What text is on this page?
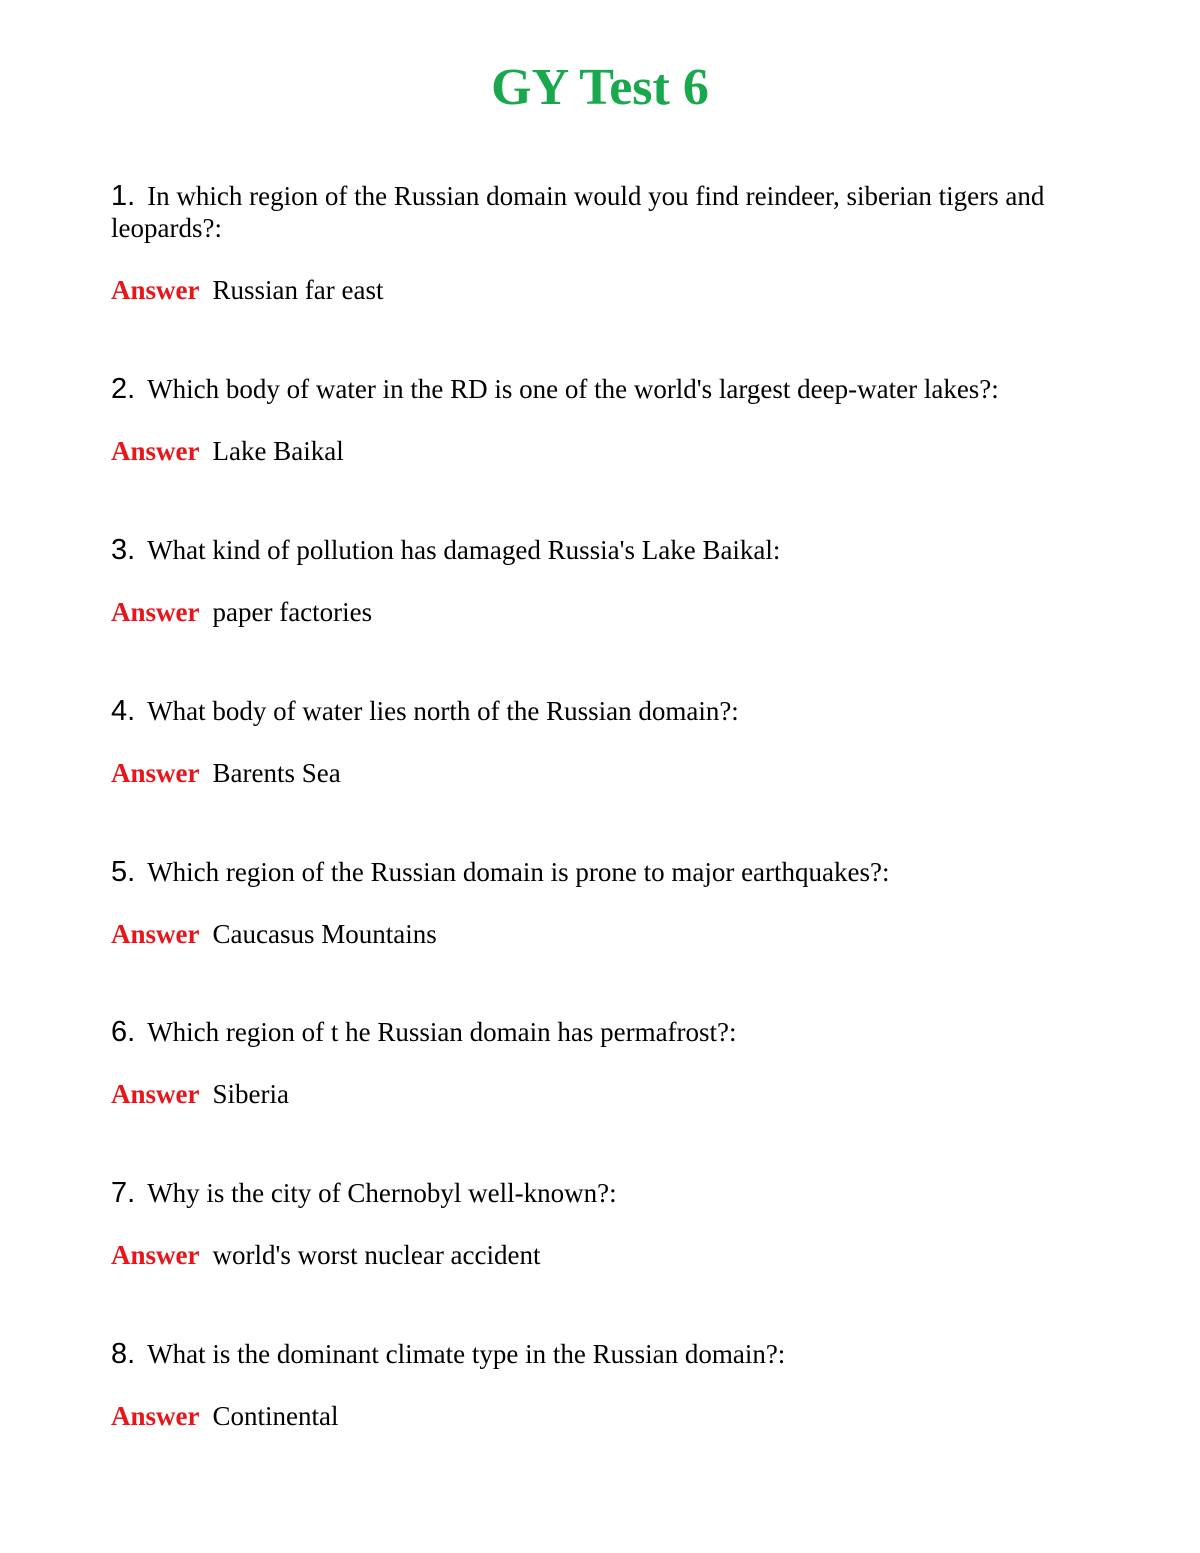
GY Test 6

1. In which region of the Russian domain would you find reindeer, siberian tigers and leopards?:

Answer Russian far east

2. Which body of water in the RD is one of the world's largest deep-water lakes?:

Answer Lake Baikal

3. What kind of pollution has damaged Russia's Lake Baikal:

Answer paper factories

4. What body of water lies north of the Russian domain?:

Answer Barents Sea

5. Which region of the Russian domain is prone to major earthquakes?:

Answer Caucasus Mountains

6. Which region of t he Russian domain has permafrost?:

Answer Siberia

7. Why is the city of Chernobyl well-known?:

Answer world's worst nuclear accident

8. What is the dominant climate type in the Russian domain?:

Answer Continental
